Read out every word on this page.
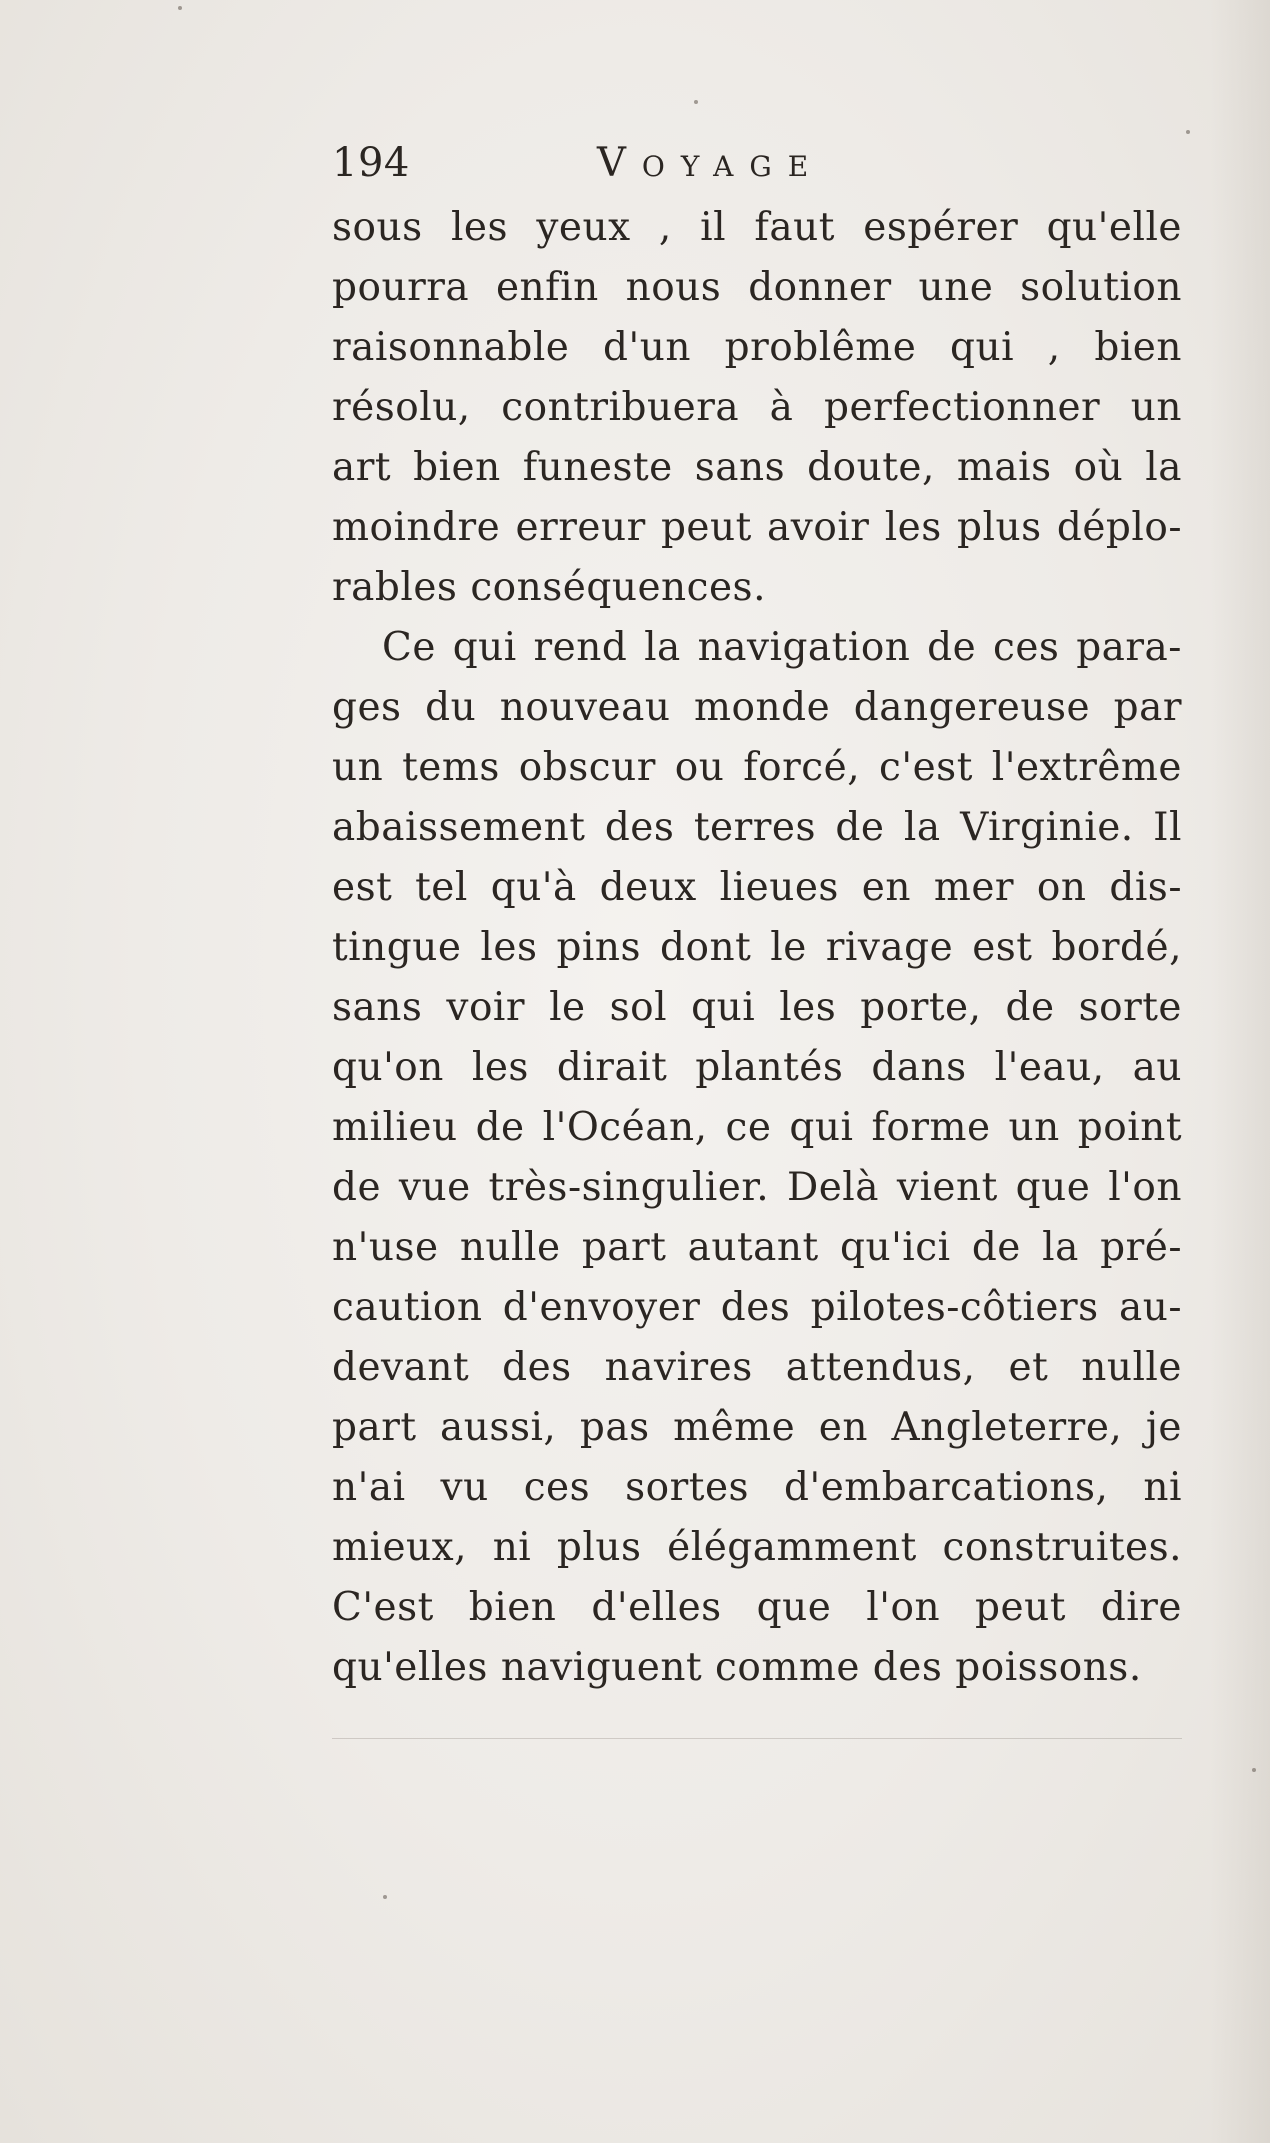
194	Voyage
sous les yeux , il faut espérer qu'elle
pourra enfin nous donner une solution
raisonnable d'un problême qui , bien
résolu, contribuera à perfectionner un
art bien funeste sans doute, mais où la
moindre erreur peut avoir les plus déplo-
rables conséquences.
Ce qui rend la navigation de ces para-
ges du nouveau monde dangereuse par
un tems obscur ou forcé, c'est l'extrême
abaissement des terres de la Virginie. Il
est tel qu'à deux lieues en mer on dis-
tingue les pins dont le rivage est bordé,
sans voir le sol qui les porte, de sorte
qu'on les dirait plantés dans l'eau, au
milieu de l'Océan, ce qui forme un point
de vue très-singulier. Delà vient que l'on
n'use nulle part autant qu'ici de la pré-
caution d'envoyer des pilotes-côtiers au-
devant des navires attendus, et nulle
part aussi, pas même en Angleterre, je
n'ai vu ces sortes d'embarcations, ni
mieux, ni plus élégamment construites.
C'est bien d'elles que l'on peut dire
qu'elles naviguent comme des poissons.
